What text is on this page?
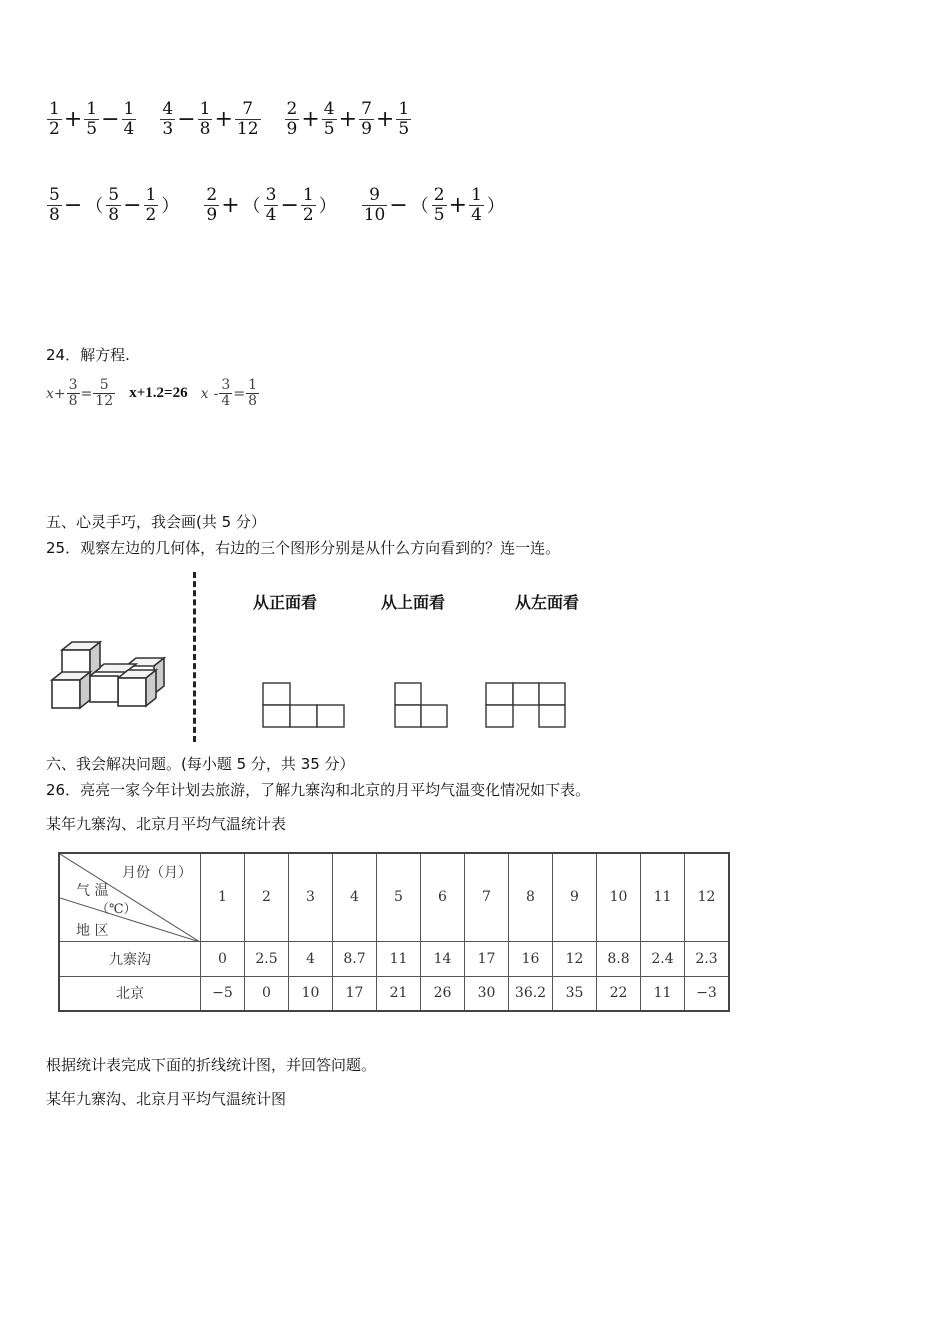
$\frac{1}{2} + \frac{1}{5} - \frac{1}{4} \frac{4}{3} - \frac{1}{8} + \frac{7}{12} \frac{2}{9} + \frac{4}{5} + \frac{7}{9} + \frac{1}{5}$
$\frac{5}{8}$ − （ $\frac{5}{8} - \frac{1}{2}$ ） $\frac{2}{9}$ + （ $\frac{3}{4} - \frac{1}{2}$ ） $\frac{9}{10}$ − （ $\frac{2}{5} + \frac{1}{4}$ ）
24．解方程.
$x+ \frac{3}{8} = \frac{5}{12} x+1.2=26$ $x - \frac{3}{4} = \frac{1}{8}$
五、心灵手巧，我会画(共 5 分）
25．观察左边的几何体，右边的三个图形分别是从什么方向看到的？连一连。
从正面看	从上面看	从左面看
六、我会解决问题。(每小题 5 分，共 35 分）
26．亮亮一家今年计划去旅游，了解九寨沟和北京的月平均气温变化情况如下表。
某年九寨沟、北京月平均气温统计表
月份（月）
气 温
（℃）
地 区	1	2	3	4	5	6	7	8	9	10	11	12
九寨沟	0	2.5	4	8.7	11	14	17	16	12	8.8	2.4	2.3
北京	−5	0	10	17	21	26	30	36.2	35	22	11	−3
根据统计表完成下面的折线统计图，并回答问题。
某年九寨沟、北京月平均气温统计图
